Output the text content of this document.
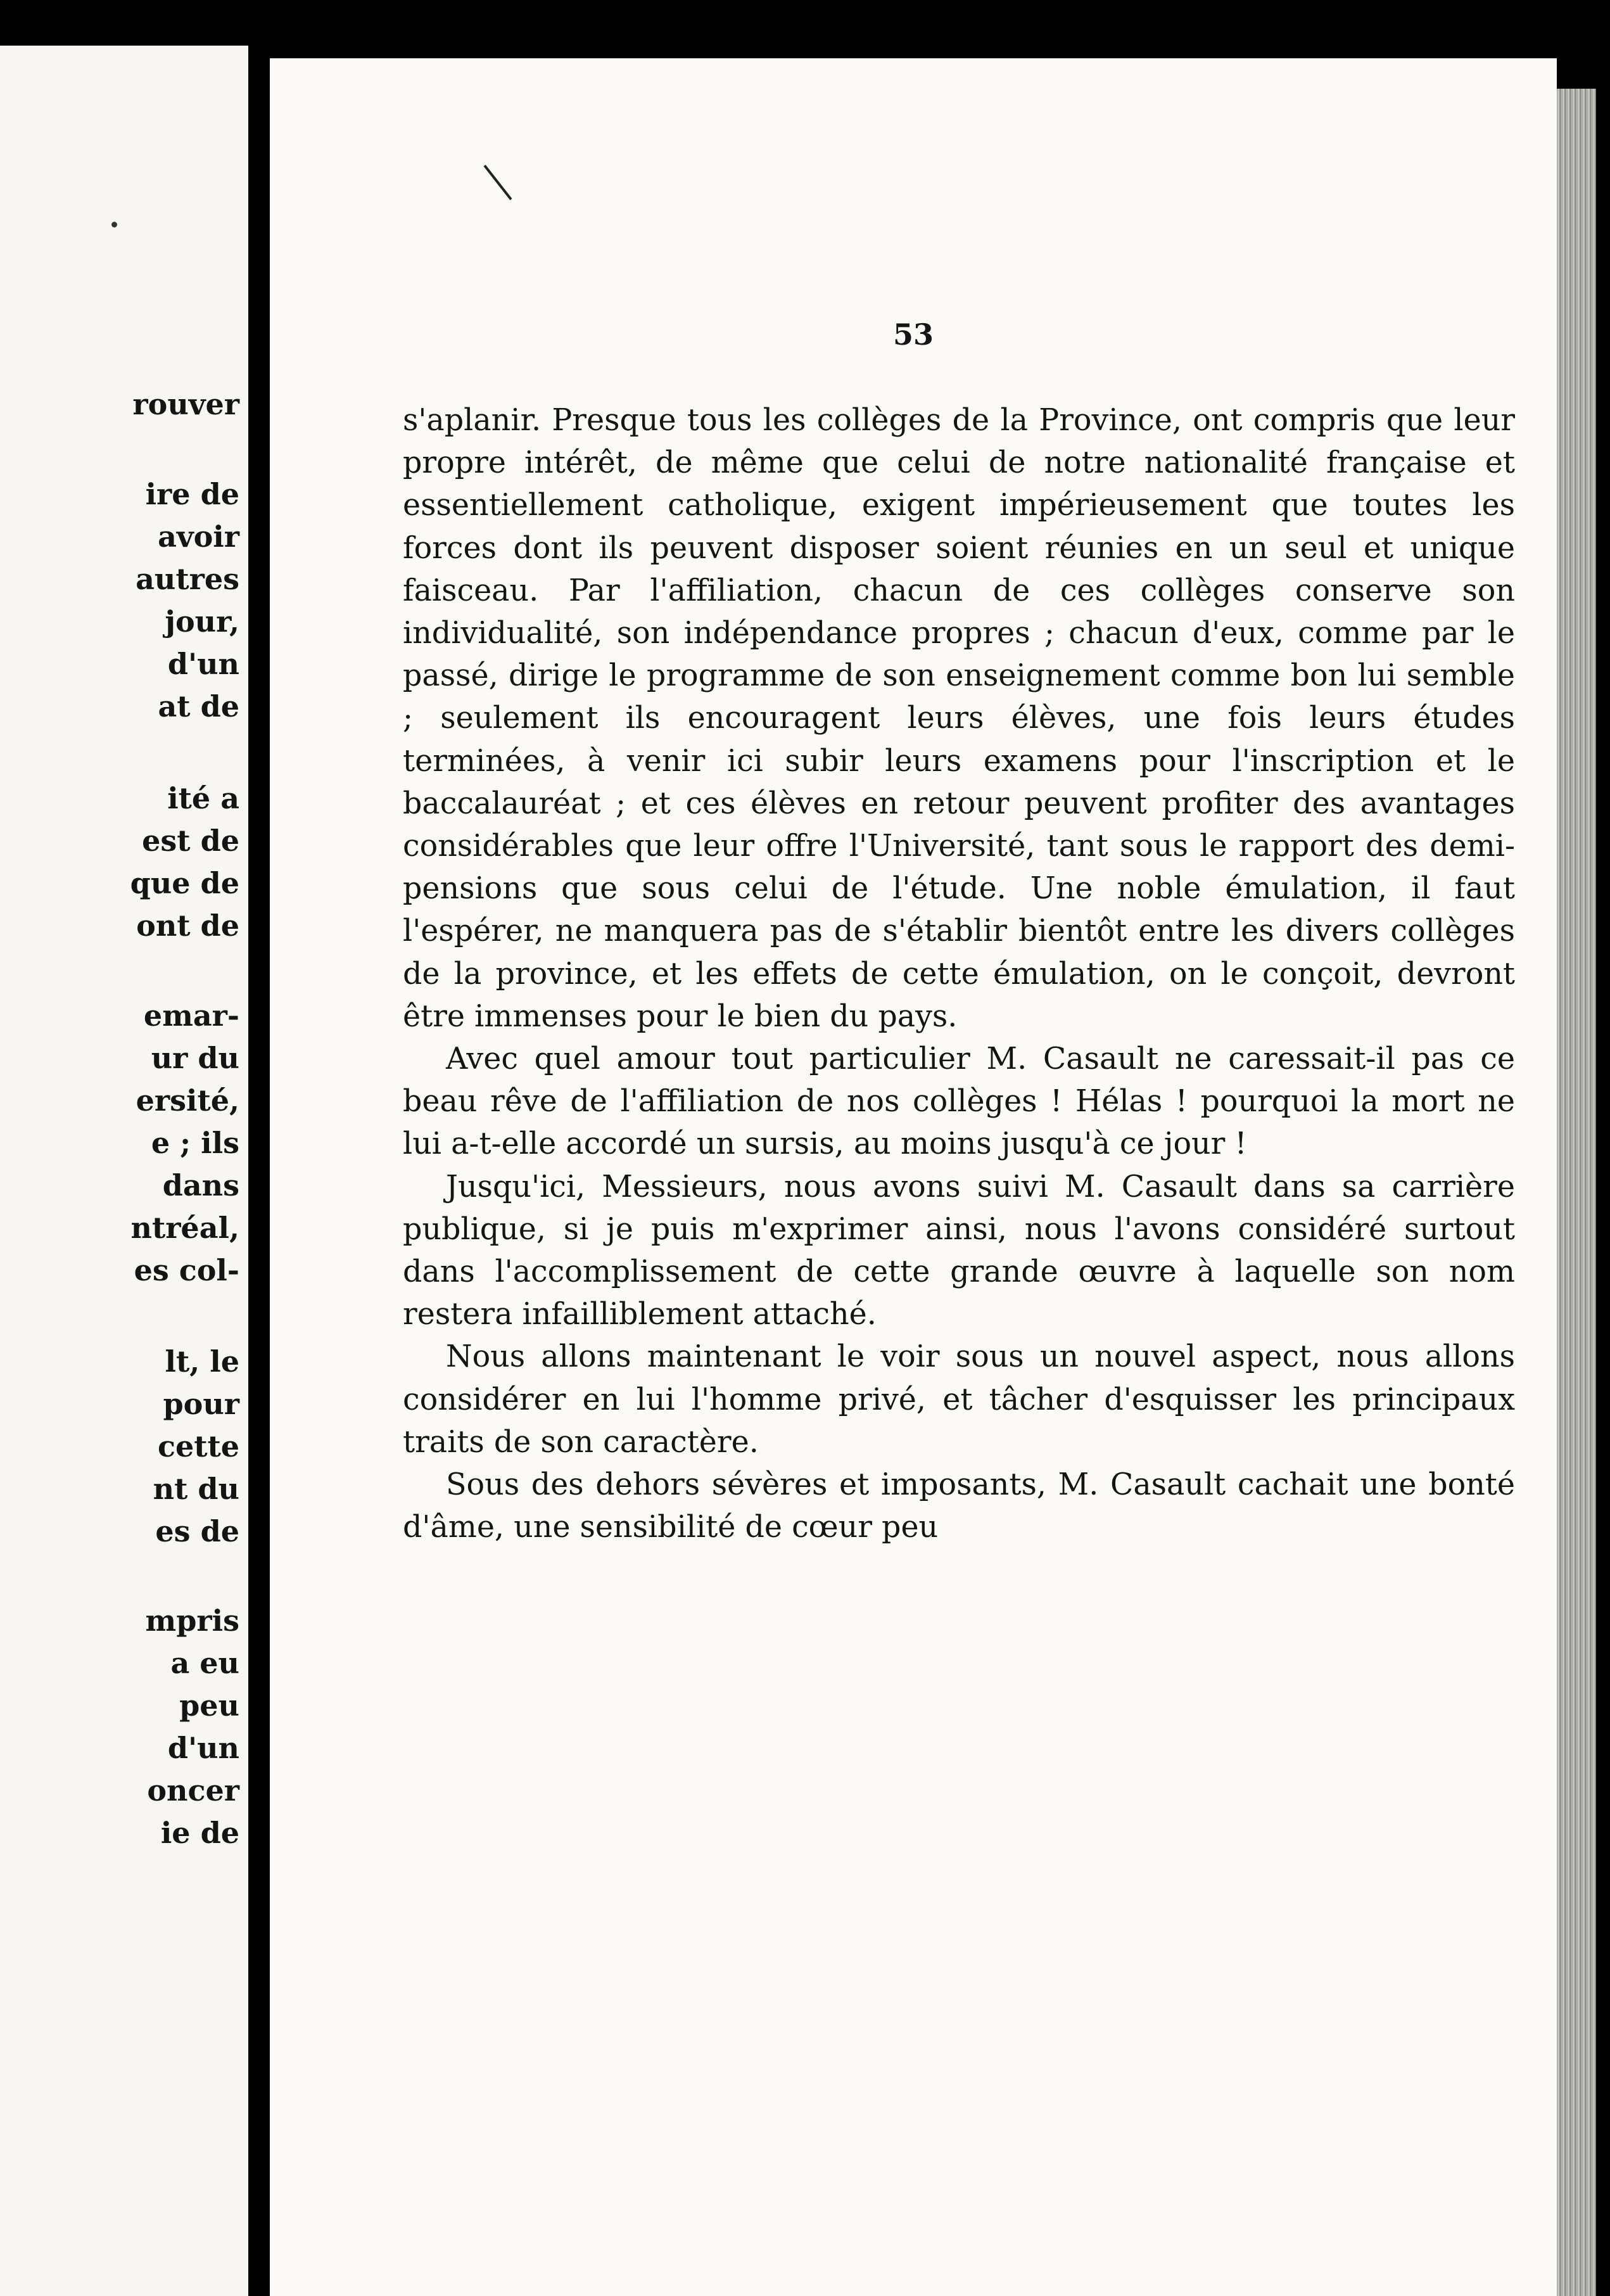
rouver
ire de
avoir
autres
jour,
d'un
at de
ité a
est de
que de
ont de
emar-
ur du
ersité,
e ; ils
dans
ntréal,
es col-
lt, le
pour
cette
nt du
es de
mpris
a eu
peu
d'un
oncer
ie de
53

s'aplanir. Presque tous les collèges de la Province, ont compris que leur propre intérêt, de même que celui de notre nationalité française et essentiellement catholique, exigent impérieusement que toutes les forces dont ils peuvent disposer soient réunies en un seul et unique faisceau. Par l'affiliation, chacun de ces collèges conserve son individualité, son indépendance propres ; chacun d'eux, comme par le passé, dirige le programme de son enseignement comme bon lui semble ; seulement ils encouragent leurs élèves, une fois leurs études terminées, à venir ici subir leurs examens pour l'inscription et le baccalauréat ; et ces élèves en retour peuvent profiter des avantages considérables que leur offre l'Université, tant sous le rapport des demi-pensions que sous celui de l'étude. Une noble émulation, il faut l'espérer, ne manquera pas de s'établir bientôt entre les divers collèges de la province, et les effets de cette émulation, on le conçoit, devront être immenses pour le bien du pays.

Avec quel amour tout particulier M. Casault ne caressait-il pas ce beau rêve de l'affiliation de nos collèges ! Hélas ! pourquoi la mort ne lui a-t-elle accordé un sursis, au moins jusqu'à ce jour !

Jusqu'ici, Messieurs, nous avons suivi M. Casault dans sa carrière publique, si je puis m'exprimer ainsi, nous l'avons considéré surtout dans l'accomplissement de cette grande œuvre à laquelle son nom restera infailliblement attaché.

Nous allons maintenant le voir sous un nouvel aspect, nous allons considérer en lui l'homme privé, et tâcher d'esquisser les principaux traits de son caractère.

Sous des dehors sévères et imposants, M. Casault cachait une bonté d'âme, une sensibilité de cœur peu
